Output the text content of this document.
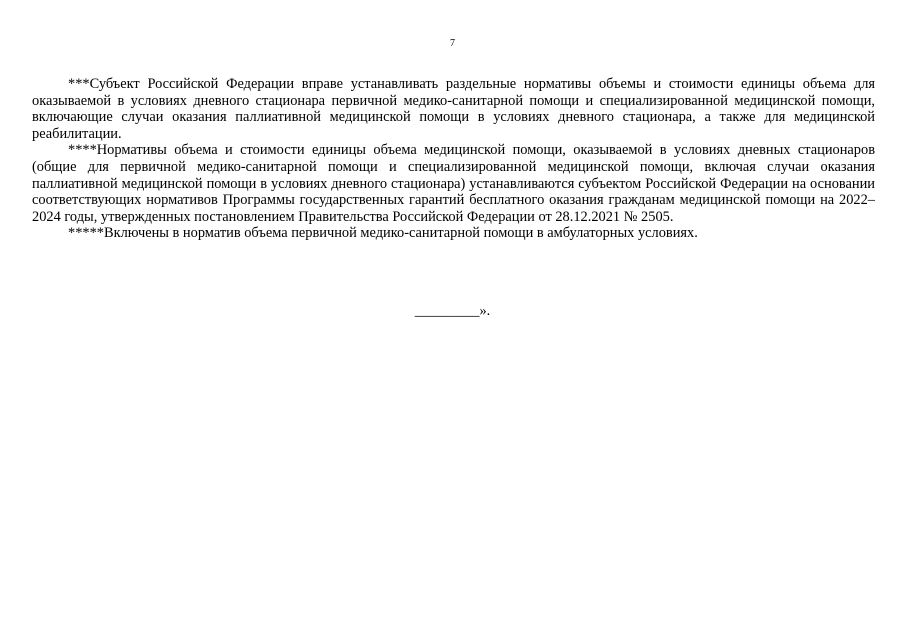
7

***Субъект Российской Федерации вправе устанавливать раздельные нормативы объемы и стоимости единицы объема для оказываемой в условиях дневного стационара первичной медико-санитарной помощи и специализированной медицинской помощи, включающие случаи оказания паллиативной медицинской помощи в условиях дневного стационара, а также для медицинской реабилитации.

****Нормативы объема и стоимости единицы объема медицинской помощи, оказываемой в условиях дневных стационаров (общие для первичной медико-санитарной помощи и специализированной медицинской помощи, включая случаи оказания паллиативной медицинской помощи в условиях дневного стационара) устанавливаются субъектом Российской Федерации на основании соответствующих нормативов Программы государственных гарантий бесплатного оказания гражданам медицинской помощи на 2022–2024 годы, утвержденных постановлением Правительства Российской Федерации от 28.12.2021 № 2505.

*****Включены в норматив объема первичной медико-санитарной помощи в амбулаторных условиях.

_________».
